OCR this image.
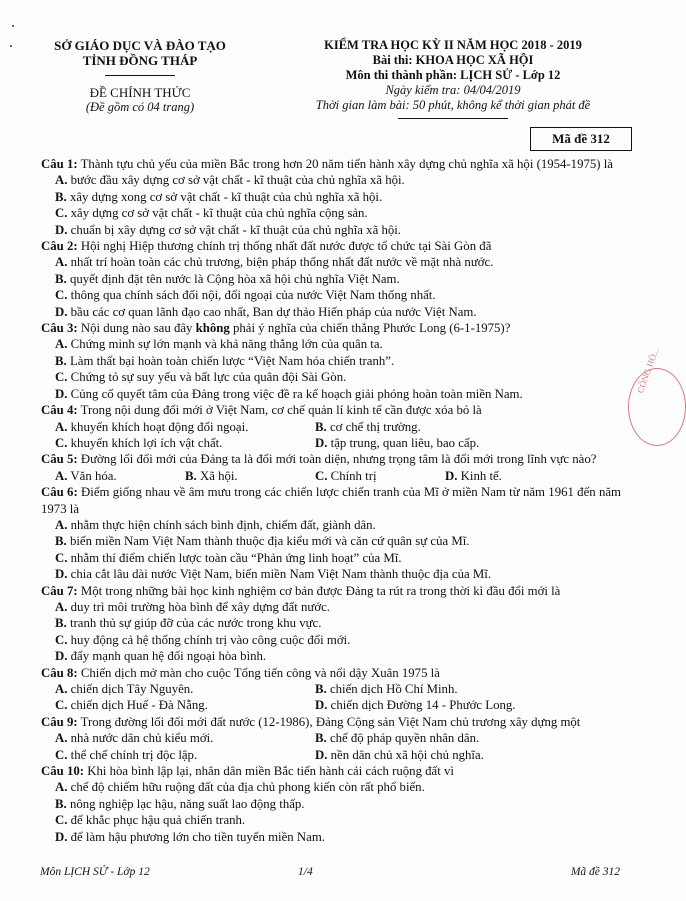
SỞ GIÁO DỤC VÀ ĐÀO TẠO
TỈNH ĐỒNG THÁP
ĐỀ CHÍNH THỨC
(Đề gồm có 04 trang)
KIỂM TRA HỌC KỲ II NĂM HỌC 2018 - 2019
Bài thi: KHOA HỌC XÃ HỘI
Môn thi thành phần: LỊCH SỬ - Lớp 12
Ngày kiểm tra: 04/04/2019
Thời gian làm bài: 50 phút, không kể thời gian phát đề
Mã đề 312
CÔNG HÒ...
Câu 1: Thành tựu chủ yếu của miền Bắc trong hơn 20 năm tiến hành xây dựng chủ nghĩa xã hội (1954-1975) là
A. bước đầu xây dựng cơ sở vật chất - kĩ thuật của chủ nghĩa xã hội.
B. xây dựng xong cơ sở vật chất - kĩ thuật của chủ nghĩa xã hội.
C. xây dựng cơ sở vật chất - kĩ thuật của chủ nghĩa cộng sản.
D. chuẩn bị xây dựng cơ sở vật chất - kĩ thuật của chủ nghĩa xã hội.
Câu 2: Hội nghị Hiệp thương chính trị thống nhất đất nước được tổ chức tại Sài Gòn đã
A. nhất trí hoàn toàn các chủ trương, biện pháp thống nhất đất nước về mặt nhà nước.
B. quyết định đặt tên nước là Cộng hòa xã hội chủ nghĩa Việt Nam.
C. thông qua chính sách đối nội, đối ngoại của nước Việt Nam thống nhất.
D. bầu các cơ quan lãnh đạo cao nhất, Ban dự thảo Hiến pháp của nước Việt Nam.
Câu 3: Nội dung nào sau đây không phải ý nghĩa của chiến thắng Phước Long (6-1-1975)?
A. Chứng minh sự lớn mạnh và khả năng thắng lớn của quân ta.
B. Làm thất bại hoàn toàn chiến lược “Việt Nam hóa chiến tranh”.
C. Chứng tỏ sự suy yếu và bất lực của quân đội Sài Gòn.
D. Củng cố quyết tâm của Đảng trong việc đề ra kế hoạch giải phóng hoàn toàn miền Nam.
Câu 4: Trong nội dung đổi mới ở Việt Nam, cơ chế quản lí kinh tế cần được xóa bỏ là
A. khuyến khích hoạt động đối ngoại.	B. cơ chế thị trường.
C. khuyến khích lợi ích vật chất.	D. tập trung, quan liêu, bao cấp.
Câu 5: Đường lối đổi mới của Đảng ta là đổi mới toàn diện, nhưng trọng tâm là đổi mới trong lĩnh vực nào?
A. Văn hóa.	B. Xã hội.	C. Chính trị	D. Kinh tế.
Câu 6: Điểm giống nhau về âm mưu trong các chiến lược chiến tranh của Mĩ ở miền Nam từ năm 1961 đến năm 1973 là
A. nhằm thực hiện chính sách bình định, chiếm đất, giành dân.
B. biến miền Nam Việt Nam thành thuộc địa kiểu mới và căn cứ quân sự của Mĩ.
C. nhằm thí điểm chiến lược toàn cầu “Phản ứng linh hoạt” của Mĩ.
D. chia cắt lâu dài nước Việt Nam, biến miền Nam Việt Nam thành thuộc địa của Mĩ.
Câu 7: Một trong những bài học kinh nghiệm cơ bản được Đảng ta rút ra trong thời kì đầu đổi mới là
A. duy trì môi trường hòa bình để xây dựng đất nước.
B. tranh thủ sự giúp đỡ của các nước trong khu vực.
C. huy động cả hệ thống chính trị vào công cuộc đổi mới.
D. đẩy mạnh quan hệ đối ngoại hòa bình.
Câu 8: Chiến dịch mở màn cho cuộc Tổng tiến công và nổi dậy Xuân 1975 là
A. chiến dịch Tây Nguyên.	B. chiến dịch Hồ Chí Minh.
C. chiến dịch Huế - Đà Nẵng.	D. chiến dịch Đường 14 - Phước Long.
Câu 9: Trong đường lối đổi mới đất nước (12-1986), Đảng Cộng sản Việt Nam chủ trương xây dựng một
A. nhà nước dân chủ kiểu mới.	B. chế độ pháp quyền nhân dân.
C. thể chế chính trị độc lập.	D. nền dân chủ xã hội chủ nghĩa.
Câu 10: Khi hòa bình lập lại, nhân dân miền Bắc tiến hành cải cách ruộng đất vì
A. chế độ chiếm hữu ruộng đất của địa chủ phong kiến còn rất phổ biến.
B. nông nghiệp lạc hậu, năng suất lao động thấp.
C. để khắc phục hậu quả chiến tranh.
D. để làm hậu phương lớn cho tiền tuyến miền Nam.
Môn LỊCH SỬ - Lớp 12	1/4	Mã đề 312
